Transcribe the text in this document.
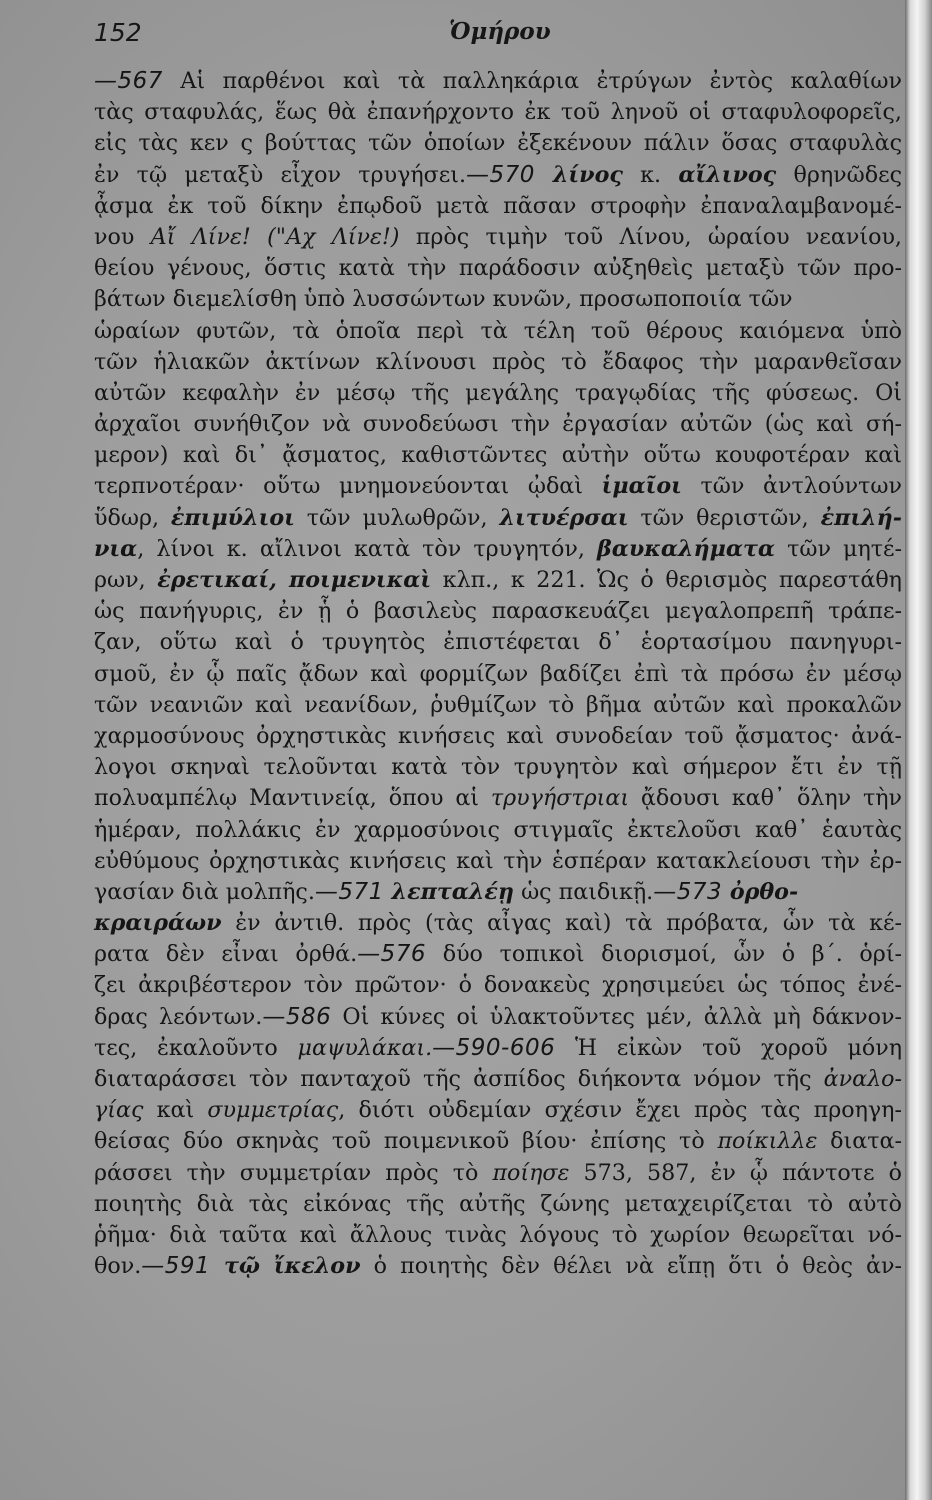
152	Ὁμήρου
—567 Αἱ παρθένοι καὶ τὰ παλληκάρια ἐτρύγων ἐντὸς καλαθίων
τὰς σταφυλάς, ἕως θὰ ἐπανήρχοντο ἐκ τοῦ ληνοῦ οἱ σταφυλοφορεῖς,
εἰς τὰς κεν ς βούττας τῶν ὁποίων ἐξεκένουν πάλιν ὅσας σταφυλὰς
ἐν τῷ μεταξὺ εἶχον τρυγήσει.—570 λίνος κ. αἴλινος θρηνῶδες
ᾆσμα ἐκ τοῦ δίκην ἐπῳδοῦ μετὰ πᾶσαν στροφὴν ἐπαναλαμβανομέ-
νου Αἴ Λίνε! ("Αχ Λίνε!) πρὸς τιμὴν τοῦ Λίνου, ὡραίου νεανίου,
θείου γένους, ὅστις κατὰ τὴν παράδοσιν αὐξηθεὶς μεταξὺ τῶν προ-
βάτων διεμελίσθη ὑπὸ λυσσώντων κυνῶν, προσωποποιία τῶν
ὡραίων φυτῶν, τὰ ὁποῖα περὶ τὰ τέλη τοῦ θέρους καιόμενα ὑπὸ
τῶν ἡλιακῶν ἀκτίνων κλίνουσι πρὸς τὸ ἔδαφος τὴν μαρανθεῖσαν
αὐτῶν κεφαλὴν ἐν μέσῳ τῆς μεγάλης τραγῳδίας τῆς φύσεως. Οἱ
ἀρχαῖοι συνήθιζον νὰ συνοδεύωσι τὴν ἐργασίαν αὐτῶν (ὡς καὶ σή-
μερον) καὶ δι᾽ ᾄσματος, καθιστῶντες αὐτὴν οὕτω κουφοτέραν καὶ
τερπνοτέραν· οὕτω μνημονεύονται ᾠδαὶ ἱμαῖοι τῶν ἀντλούντων
ὕδωρ, ἐπιμύλιοι τῶν μυλωθρῶν, λιτυέρσαι τῶν θεριστῶν, ἐπιλή-
νια, λίνοι κ. αἴλινοι κατὰ τὸν τρυγητόν, βαυκαλήματα τῶν μητέ-
ρων, ἐρετικαί, ποιμενικαὶ κλπ., κ 221. Ὡς ὁ θερισμὸς παρεστάθη
ὡς πανήγυρις, ἐν ᾗ ὁ βασιλεὺς παρασκευάζει μεγαλοπρεπῆ τράπε-
ζαν, οὕτω καὶ ὁ τρυγητὸς ἐπιστέφεται δ᾽ ἑορτασίμου πανηγυρι-
σμοῦ, ἐν ᾧ παῖς ᾄδων καὶ φορμίζων βαδίζει ἐπὶ τὰ πρόσω ἐν μέσῳ
τῶν νεανιῶν καὶ νεανίδων, ῥυθμίζων τὸ βῆμα αὐτῶν καὶ προκαλῶν
χαρμοσύνους ὀρχηστικὰς κινήσεις καὶ συνοδείαν τοῦ ᾄσματος· ἀνά-
λογοι σκηναὶ τελοῦνται κατὰ τὸν τρυγητὸν καὶ σήμερον ἔτι ἐν τῇ
πολυαμπέλῳ Μαντινείᾳ, ὅπου αἱ τρυγήστριαι ᾄδουσι καθ᾽ ὅλην τὴν
ἡμέραν, πολλάκις ἐν χαρμοσύνοις στιγμαῖς ἐκτελοῦσι καθ᾽ ἑαυτὰς
εὐθύμους ὀρχηστικὰς κινήσεις καὶ τὴν ἑσπέραν κατακλείουσι τὴν ἐρ-
γασίαν διὰ μολπῆς.—571 λεπταλέῃ ὡς παιδικῇ.—573 ὀρθο-
κραιράων ἐν ἀντιθ. πρὸς (τὰς αἶγας καὶ) τὰ πρόβατα, ὧν τὰ κέ-
ρατα δὲν εἶναι ὀρθά.—576 δύο τοπικοὶ διορισμοί, ὧν ὁ β΄. ὁρί-
ζει ἀκριβέστερον τὸν πρῶτον· ὁ δονακεὺς χρησιμεύει ὡς τόπος ἐνέ-
δρας λεόντων.—586 Οἱ κύνες οἱ ὑλακτοῦντες μέν, ἀλλὰ μὴ δάκνον-
τες, ἐκαλοῦντο μαψυλάκαι.—590-606 Ἡ εἰκὼν τοῦ χοροῦ μόνη
διαταράσσει τὸν πανταχοῦ τῆς ἀσπίδος διήκοντα νόμον τῆς ἀναλο-
γίας καὶ συμμετρίας, διότι οὐδεμίαν σχέσιν ἔχει πρὸς τὰς προηγη-
θείσας δύο σκηνὰς τοῦ ποιμενικοῦ βίου· ἐπίσης τὸ ποίκιλλε διατα-
ράσσει τὴν συμμετρίαν πρὸς τὸ ποίησε 573, 587, ἐν ᾧ πάντοτε ὁ
ποιητὴς διὰ τὰς εἰκόνας τῆς αὐτῆς ζώνης μεταχειρίζεται τὸ αὐτὸ
ῥῆμα· διὰ ταῦτα καὶ ἄλλους τινὰς λόγους τὸ χωρίον θεωρεῖται νό-
θον.—591 τῷ ἴκελον ὁ ποιητὴς δὲν θέλει νὰ εἴπῃ ὅτι ὁ θεὸς ἀν-
